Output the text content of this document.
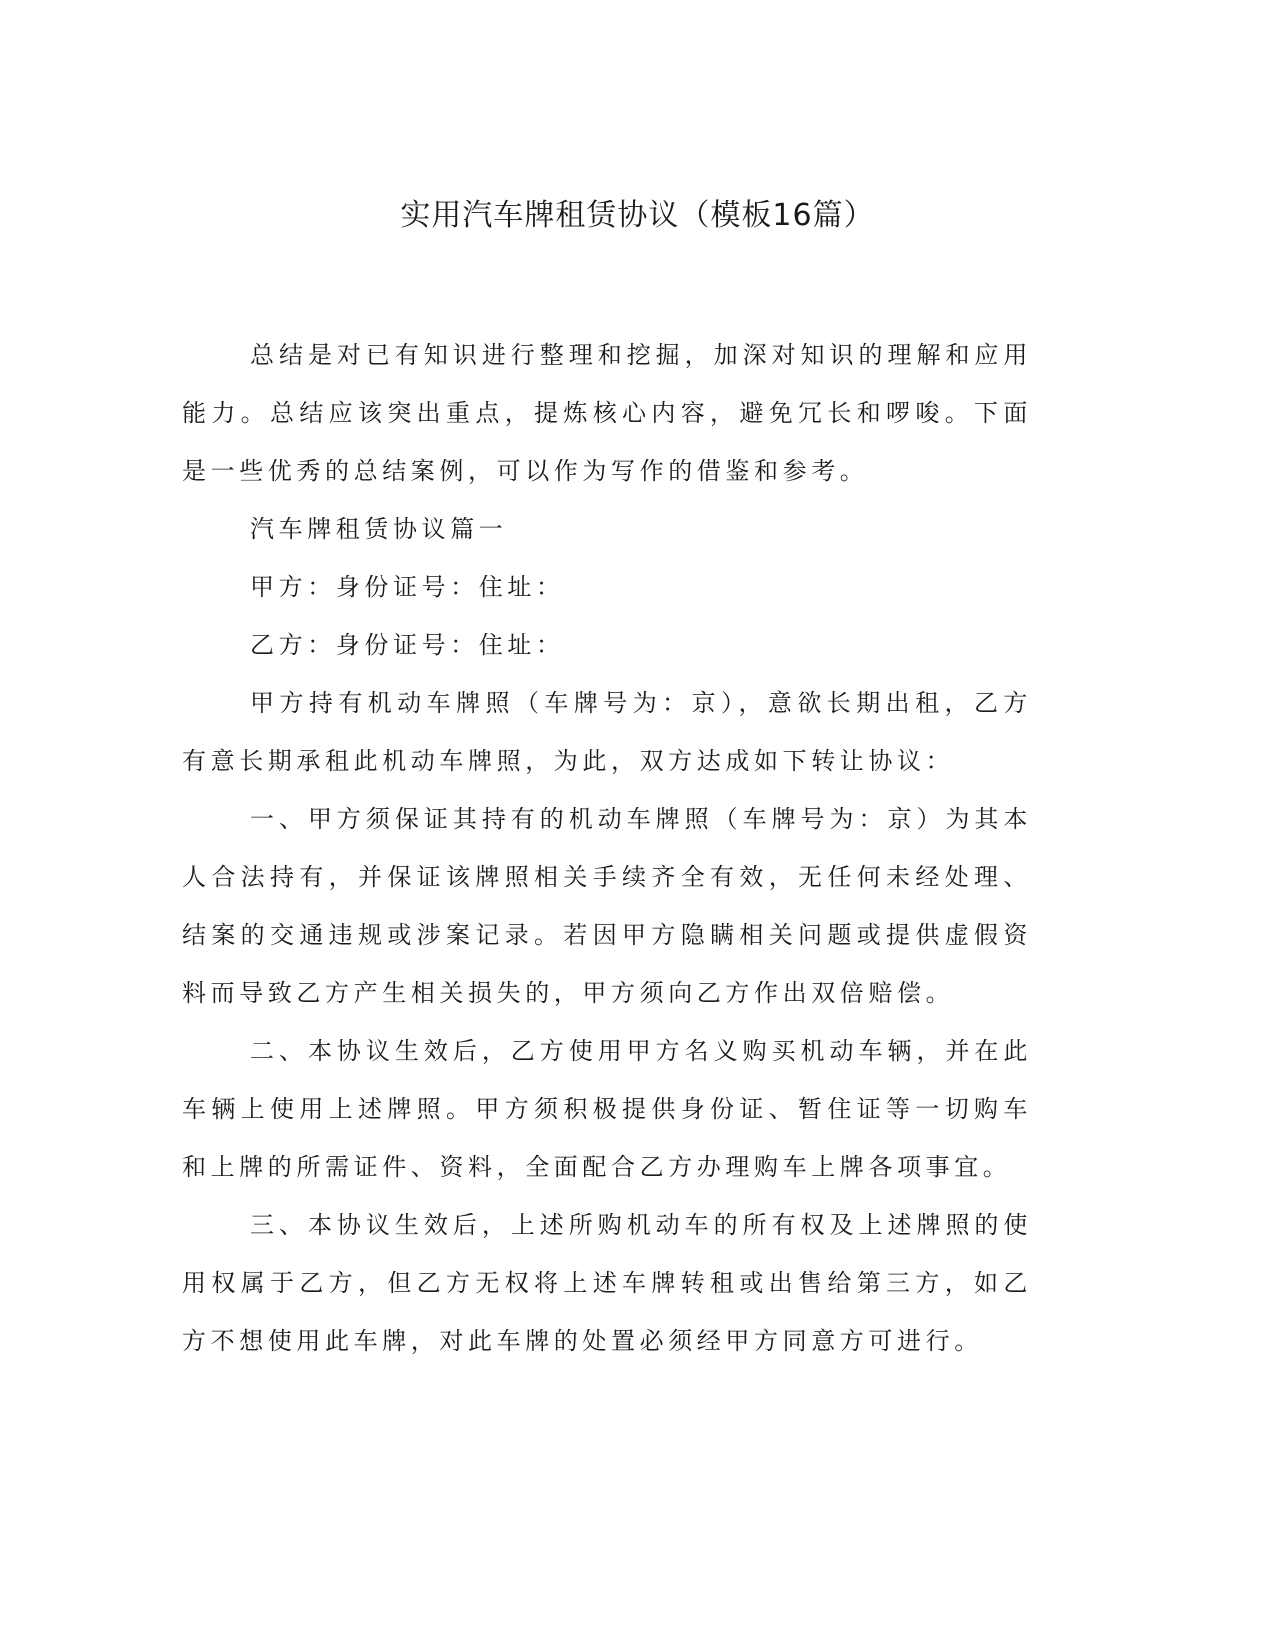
实用汽车牌租赁协议（模板16篇）

总结是对已有知识进行整理和挖掘，加深对知识的理解和应用能力。总结应该突出重点，提炼核心内容，避免冗长和啰唆。下面是一些优秀的总结案例，可以作为写作的借鉴和参考。

汽车牌租赁协议篇一

甲方：身份证号：住址：

乙方：身份证号：住址：

甲方持有机动车牌照（车牌号为：京），意欲长期出租，乙方有意长期承租此机动车牌照，为此，双方达成如下转让协议：

一、甲方须保证其持有的机动车牌照（车牌号为：京）为其本人合法持有，并保证该牌照相关手续齐全有效，无任何未经处理、结案的交通违规或涉案记录。若因甲方隐瞒相关问题或提供虚假资料而导致乙方产生相关损失的，甲方须向乙方作出双倍赔偿。

二、本协议生效后，乙方使用甲方名义购买机动车辆，并在此车辆上使用上述牌照。甲方须积极提供身份证、暂住证等一切购车和上牌的所需证件、资料，全面配合乙方办理购车上牌各项事宜。

三、本协议生效后，上述所购机动车的所有权及上述牌照的使用权属于乙方，但乙方无权将上述车牌转租或出售给第三方，如乙方不想使用此车牌，对此车牌的处置必须经甲方同意方可进行。
